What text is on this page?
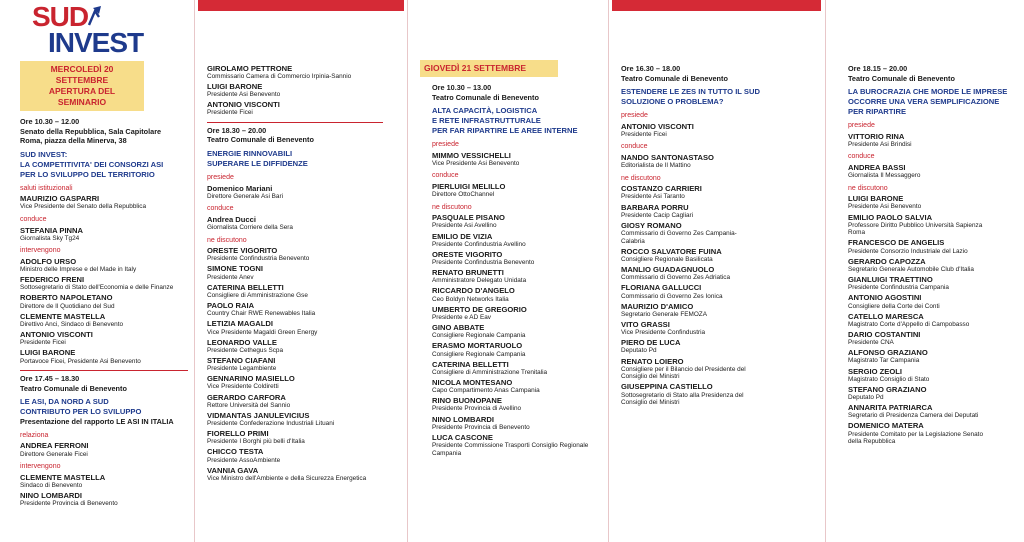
SUD
INVEST
MERCOLEDÌ 20 SETTEMBRE
APERTURA DEL SEMINARIO
Ore 10.30 – 12.00
Senato della Repubblica, Sala Capitolare
Roma, piazza della Minerva, 38
SUD INVEST:
LA COMPETITIVITA' DEI CONSORZI ASI
PER LO SVILUPPO DEL TERRITORIO
saluti istituzionali
MAURIZIO GASPARRI
Vice Presidente del Senato della Repubblica
conduce
STEFANIA PINNA
Giornalista Sky Tg24
intervengono
ADOLFO URSO
Ministro delle Imprese e del Made in Italy
FEDERICO FRENI
Sottosegretario di Stato dell'Economia e delle Finanze
ROBERTO NAPOLETANO
Direttore de Il Quotidiano del Sud
CLEMENTE MASTELLA
Direttivo Anci, Sindaco di Benevento
ANTONIO VISCONTI
Presidente Ficei
LUIGI BARONE
Portavoce Ficei, Presidente Asi Benevento
Ore 17.45 – 18.30
Teatro Comunale di Benevento
LE ASI, DA NORD A SUD
CONTRIBUTO PER LO SVILUPPO
Presentazione del rapporto LE ASI IN ITALIA
relaziona
ANDREA FERRONI
Direttore Generale Ficei
intervengono
CLEMENTE MASTELLA
Sindaco di Benevento
NINO LOMBARDI
Presidente Provincia di Benevento
GIROLAMO PETTRONE
Commissario Camera di Commercio Irpinia-Sannio
LUIGI BARONE
Presidente Asi Benevento
ANTONIO VISCONTI
Presidente Ficei
Ore 18.30 – 20.00
Teatro Comunale di Benevento
ENERGIE RINNOVABILI
SUPERARE LE DIFFIDENZE
presiede
Domenico Mariani
Direttore Generale Asi Bari
conduce
Andrea Ducci
Giornalista Corriere della Sera
ne discutono
ORESTE VIGORITO
Presidente Confindustria Benevento
SIMONE TOGNI
Presidente Anev
CATERINA BELLETTI
Consigliere di Amministrazione Gse
PAOLO RAIA
Country Chair RWE Renewables Italia
LETIZIA MAGALDI
Vice Presidente Magaldi Green Energy
LEONARDO VALLE
Presidente Cethegus Scpa
STEFANO CIAFANI
Presidente Legambiente
GENNARINO MASIELLO
Vice Presidente Coldiretti
GERARDO CARFORA
Rettore Università del Sannio
VIDMANTAS JANULEVICIUS
Presidente Confederazione Industriali Lituani
FIORELLO PRIMI
Presidente I Borghi più belli d'Italia
CHICCO TESTA
Presidente AssoAmbiente
VANNIA GAVA
Vice Ministro dell'Ambiente e della Sicurezza Energetica
GIOVEDÌ 21 SETTEMBRE
Ore 10.30 – 13.00
Teatro Comunale di Benevento
ALTA CAPACITÀ, LOGISTICA
E RETE INFRASTRUTTURALE
PER FAR RIPARTIRE LE AREE INTERNE
presiede
MIMMO VESSICHELLI
Vice Presidente Asi Benevento
conduce
PIERLUIGI MELILLO
Direttore OttoChannel
ne discutono
PASQUALE PISANO
Presidente Asi Avellino
EMILIO DE VIZIA
Presidente Confindustria Avellino
ORESTE VIGORITO
Presidente Confindustria Benevento
RENATO BRUNETTI
Amministratore Delegato Unidata
RICCARDO D'ANGELO
Ceo Boldyn Networks Italia
UMBERTO DE GREGORIO
Presidente e AD Eav
GINO ABBATE
Consigliere Regionale Campania
ERASMO MORTARUOLO
Consigliere Regionale Campania
CATERINA BELLETTI
Consigliere di Amministrazione Trenitalia
NICOLA MONTESANO
Capo Compartimento Anas Campania
RINO BUONOPANE
Presidente Provincia di Avellino
NINO LOMBARDI
Presidente Provincia di Benevento
LUCA CASCONE
Presidente Commissione Trasporti Consiglio Regionale Campania
Ore 16.30 – 18.00
Teatro Comunale di Benevento
ESTENDERE LE ZES IN TUTTO IL SUD
SOLUZIONE O PROBLEMA?
presiede
ANTONIO VISCONTI
Presidente Ficei
conduce
NANDO SANTONASTASO
Editorialista de Il Mattino
ne discutono
COSTANZO CARRIERI
Presidente Asi Taranto
BARBARA PORRU
Presidente Cacip Cagliari
GIOSY ROMANO
Commissario di Governo Zes Campania-Calabria
ROCCO SALVATORE FUINA
Consigliere Regionale Basilicata
MANLIO GUADAGNUOLO
Commissario di Governo Zes Adriatica
FLORIANA GALLUCCI
Commissario di Governo Zes Ionica
MAURIZIO D'AMICO
Segretario Generale FEMOZA
VITO GRASSI
Vice Presidente Confindustria
PIERO DE LUCA
Deputato Pd
RENATO LOIERO
Consigliere per il Bilancio del Presidente del Consiglio dei Ministri
GIUSEPPINA CASTIELLO
Sottosegretario di Stato alla Presidenza del Consiglio dei Ministri
Ore 18.15 – 20.00
Teatro Comunale di Benevento
LA BUROCRAZIA CHE MORDE LE IMPRESE
OCCORRE UNA VERA SEMPLIFICAZIONE
PER RIPARTIRE
presiede
VITTORIO RINA
Presidente Asi Brindisi
conduce
ANDREA BASSI
Giornalista Il Messaggero
ne discutono
LUIGI BARONE
Presidente Asi Benevento
EMILIO PAOLO SALVIA
Professore Diritto Pubblico Università Sapienza Roma
FRANCESCO DE ANGELIS
Presidente Consorzio Industriale del Lazio
GERARDO CAPOZZA
Segretario Generale Automobile Club d'Italia
GIANLUIGI TRAETTINO
Presidente Confindustria Campania
ANTONIO AGOSTINI
Consigliere della Corte dei Conti
CATELLO MARESCA
Magistrato Corte d'Appello di Campobasso
DARIO COSTANTINI
Presidente CNA
ALFONSO GRAZIANO
Magistrato Tar Campania
SERGIO ZEOLI
Magistrato Consiglio di Stato
STEFANO GRAZIANO
Deputato Pd
ANNARITA PATRIARCA
Segretario di Presidenza Camera dei Deputati
DOMENICO MATERA
Presidente Comitato per la Legislazione Senato della Repubblica
